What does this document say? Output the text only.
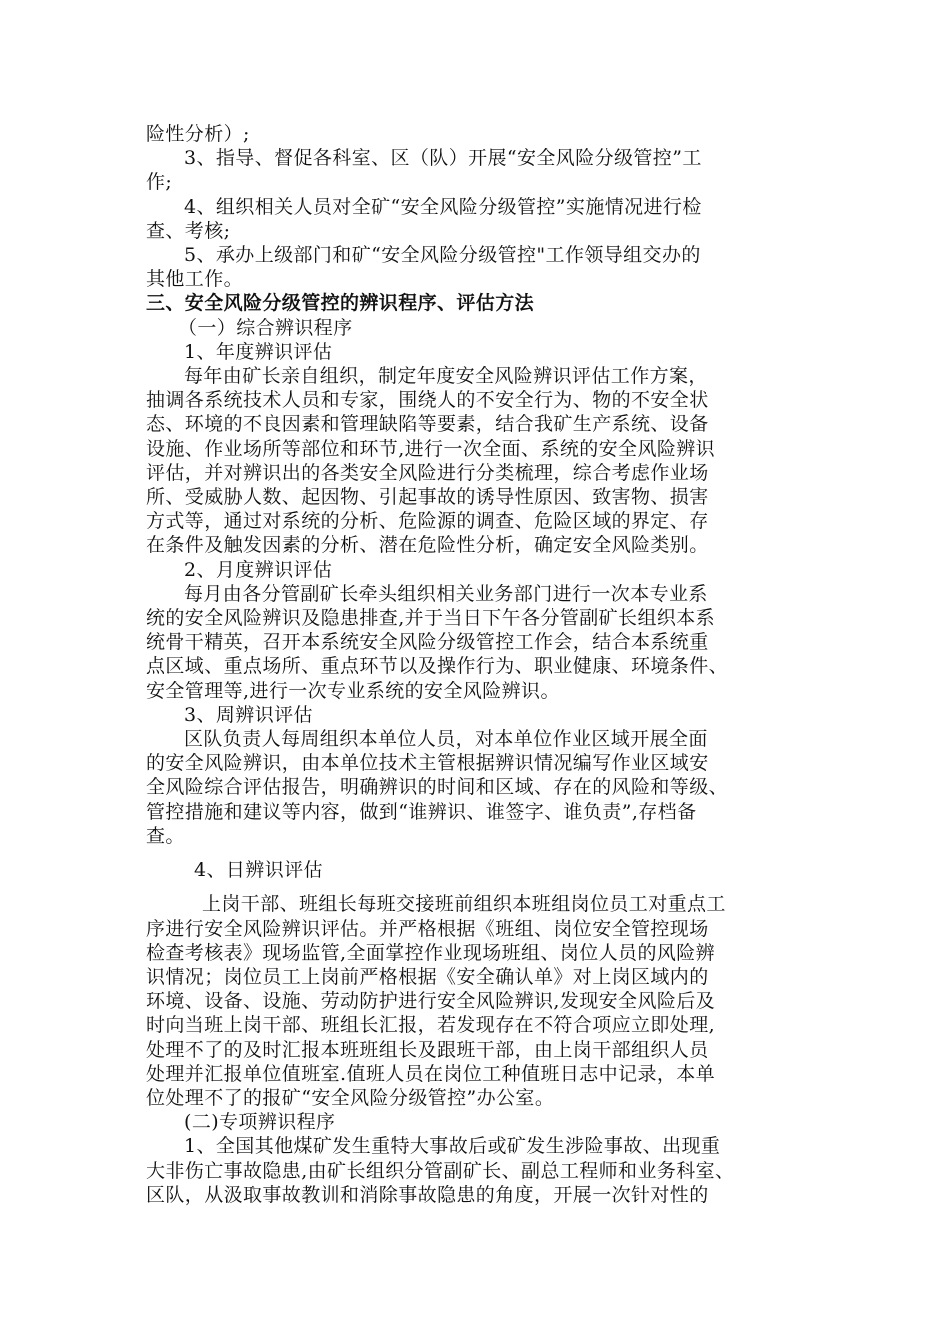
险性分析）;
3、指导、督促各科室、区（队）开展“安全风险分级管控”工
作;
4、组织相关人员对全矿“安全风险分级管控”实施情况进行检
查、考核;
5、承办上级部门和矿“安全风险分级管控"工作领导组交办的
其他工作。
三、安全风险分级管控的辨识程序、评估方法
（一）综合辨识程序
1、年度辨识评估
每年由矿长亲自组织，制定年度安全风险辨识评估工作方案，
抽调各系统技术人员和专家，围绕人的不安全行为、物的不安全状
态、环境的不良因素和管理缺陷等要素，结合我矿生产系统、设备
设施、作业场所等部位和环节,进行一次全面、系统的安全风险辨识
评估，并对辨识出的各类安全风险进行分类梳理，综合考虑作业场
所、受威胁人数、起因物、引起事故的诱导性原因、致害物、损害
方式等，通过对系统的分析、危险源的调查、危险区域的界定、存
在条件及触发因素的分析、潜在危险性分析，确定安全风险类别。
2、月度辨识评估
每月由各分管副矿长牵头组织相关业务部门进行一次本专业系
统的安全风险辨识及隐患排查,并于当日下午各分管副矿长组织本系
统骨干精英，召开本系统安全风险分级管控工作会，结合本系统重
点区域、重点场所、重点环节以及操作行为、职业健康、环境条件、
安全管理等,进行一次专业系统的安全风险辨识。
3、周辨识评估
区队负责人每周组织本单位人员，对本单位作业区域开展全面
的安全风险辨识，由本单位技术主管根据辨识情况编写作业区域安
全风险综合评估报告，明确辨识的时间和区域、存在的风险和等级、
管控措施和建议等内容，做到“谁辨识、谁签字、谁负责”,存档备
查。
4、日辨识评估
上岗干部、班组长每班交接班前组织本班组岗位员工对重点工
序进行安全风险辨识评估。并严格根据《班组、岗位安全管控现场
检查考核表》现场监管,全面掌控作业现场班组、岗位人员的风险辨
识情况；岗位员工上岗前严格根据《安全确认单》对上岗区域内的
环境、设备、设施、劳动防护进行安全风险辨识,发现安全风险后及
时向当班上岗干部、班组长汇报，若发现存在不符合项应立即处理,
处理不了的及时汇报本班班组长及跟班干部，由上岗干部组织人员
处理并汇报单位值班室.值班人员在岗位工种值班日志中记录，本单
位处理不了的报矿“安全风险分级管控”办公室。
(二)专项辨识程序
1、全国其他煤矿发生重特大事故后或矿发生涉险事故、出现重
大非伤亡事故隐患,由矿长组织分管副矿长、副总工程师和业务科室、
区队，从汲取事故教训和消除事故隐患的角度，开展一次针对性的
